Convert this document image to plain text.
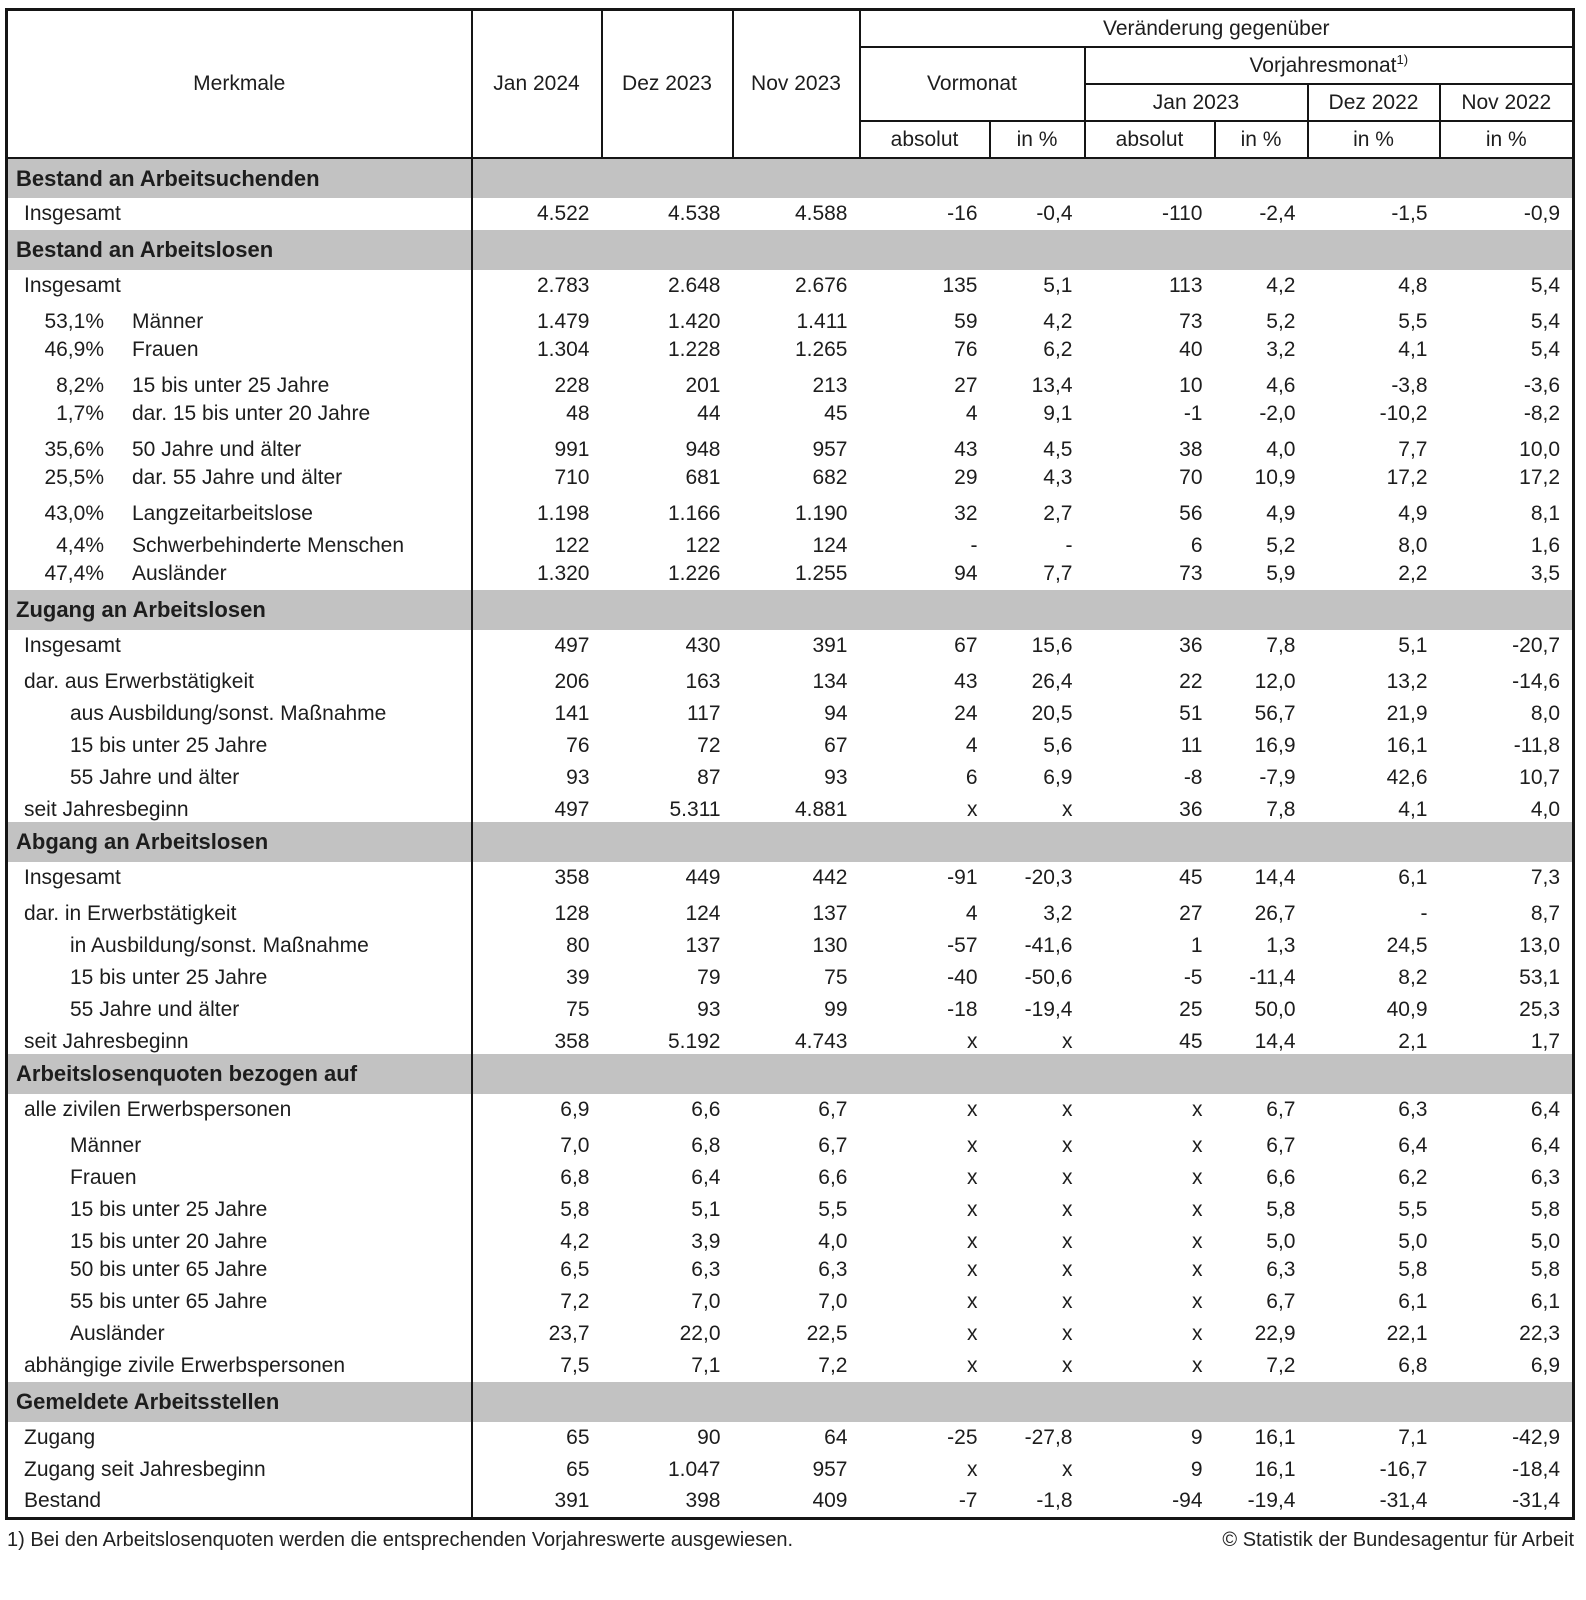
Merkmale	Jan 2024	Dez 2023	Nov 2023	Veränderung gegenüber					
				Vormonat		Vorjahresmonat$^{1)}$
						Jan 2023		Dez 2022	Nov 2022
				absolut	in %	absolut	in %	in %	in %
Bestand an Arbeitsuchenden									
Insgesamt	4.522	4.538	4.588	-16	-0,4	-110	-2,4	-1,5	-0,9
Bestand an Arbeitslosen									
Insgesamt	2.783	2.648	2.676	135	5,1	113	4,2	4,8	5,4
53,1% Männer	1.479	1.420	1.411	59	4,2	73	5,2	5,5	5,4
46,9% Frauen	1.304	1.228	1.265	76	6,2	40	3,2	4,1	5,4
8,2% 15 bis unter 25 Jahre	228	201	213	27	13,4	10	4,6	-3,8	-3,6
1,7% dar. 15 bis unter 20 Jahre	48	44	45	4	9,1	-1	-2,0	-10,2	-8,2
35,6% 50 Jahre und älter	991	948	957	43	4,5	38	4,0	7,7	10,0
25,5% dar. 55 Jahre und älter	710	681	682	29	4,3	70	10,9	17,2	17,2
43,0% Langzeitarbeitslose	1.198	1.166	1.190	32	2,7	56	4,9	4,9	8,1
4,4% Schwerbehinderte Menschen	122	122	124	-	-	6	5,2	8,0	1,6
47,4% Ausländer	1.320	1.226	1.255	94	7,7	73	5,9	2,2	3,5
Zugang an Arbeitslosen									
Insgesamt	497	430	391	67	15,6	36	7,8	5,1	-20,7
dar. aus Erwerbstätigkeit	206	163	134	43	26,4	22	12,0	13,2	-14,6
aus Ausbildung/sonst. Maßnahme	141	117	94	24	20,5	51	56,7	21,9	8,0
15 bis unter 25 Jahre	76	72	67	4	5,6	11	16,9	16,1	-11,8
55 Jahre und älter	93	87	93	6	6,9	-8	-7,9	42,6	10,7
seit Jahresbeginn	497	5.311	4.881	x	x	36	7,8	4,1	4,0
Abgang an Arbeitslosen									
Insgesamt	358	449	442	-91	-20,3	45	14,4	6,1	7,3
dar. in Erwerbstätigkeit	128	124	137	4	3,2	27	26,7	-	8,7
in Ausbildung/sonst. Maßnahme	80	137	130	-57	-41,6	1	1,3	24,5	13,0
15 bis unter 25 Jahre	39	79	75	-40	-50,6	-5	-11,4	8,2	53,1
55 Jahre und älter	75	93	99	-18	-19,4	25	50,0	40,9	25,3
seit Jahresbeginn	358	5.192	4.743	x	x	45	14,4	2,1	1,7
Arbeitslosenquoten bezogen auf									
alle zivilen Erwerbspersonen	6,9	6,6	6,7	x	x	x	6,7	6,3	6,4
Männer	7,0	6,8	6,7	x	x	x	6,7	6,4	6,4
Frauen	6,8	6,4	6,6	x	x	x	6,6	6,2	6,3
15 bis unter 25 Jahre	5,8	5,1	5,5	x	x	x	5,8	5,5	5,8
15 bis unter 20 Jahre	4,2	3,9	4,0	x	x	x	5,0	5,0	5,0
50 bis unter 65 Jahre	6,5	6,3	6,3	x	x	x	6,3	5,8	5,8
55 bis unter 65 Jahre	7,2	7,0	7,0	x	x	x	6,7	6,1	6,1
Ausländer	23,7	22,0	22,5	x	x	x	22,9	22,1	22,3
abhängige zivile Erwerbspersonen	7,5	7,1	7,2	x	x	x	7,2	6,8	6,9
Gemeldete Arbeitsstellen									
Zugang	65	90	64	-25	-27,8	9	16,1	7,1	-42,9
Zugang seit Jahresbeginn	65	1.047	957	x	x	9	16,1	-16,7	-18,4
Bestand	391	398	409	-7	-1,8	-94	-19,4	-31,4	-31,4
1) Bei den Arbeitslosenquoten werden die entsprechenden Vorjahreswerte ausgewiesen.	© Statistik der Bundesagentur für Arbeit
